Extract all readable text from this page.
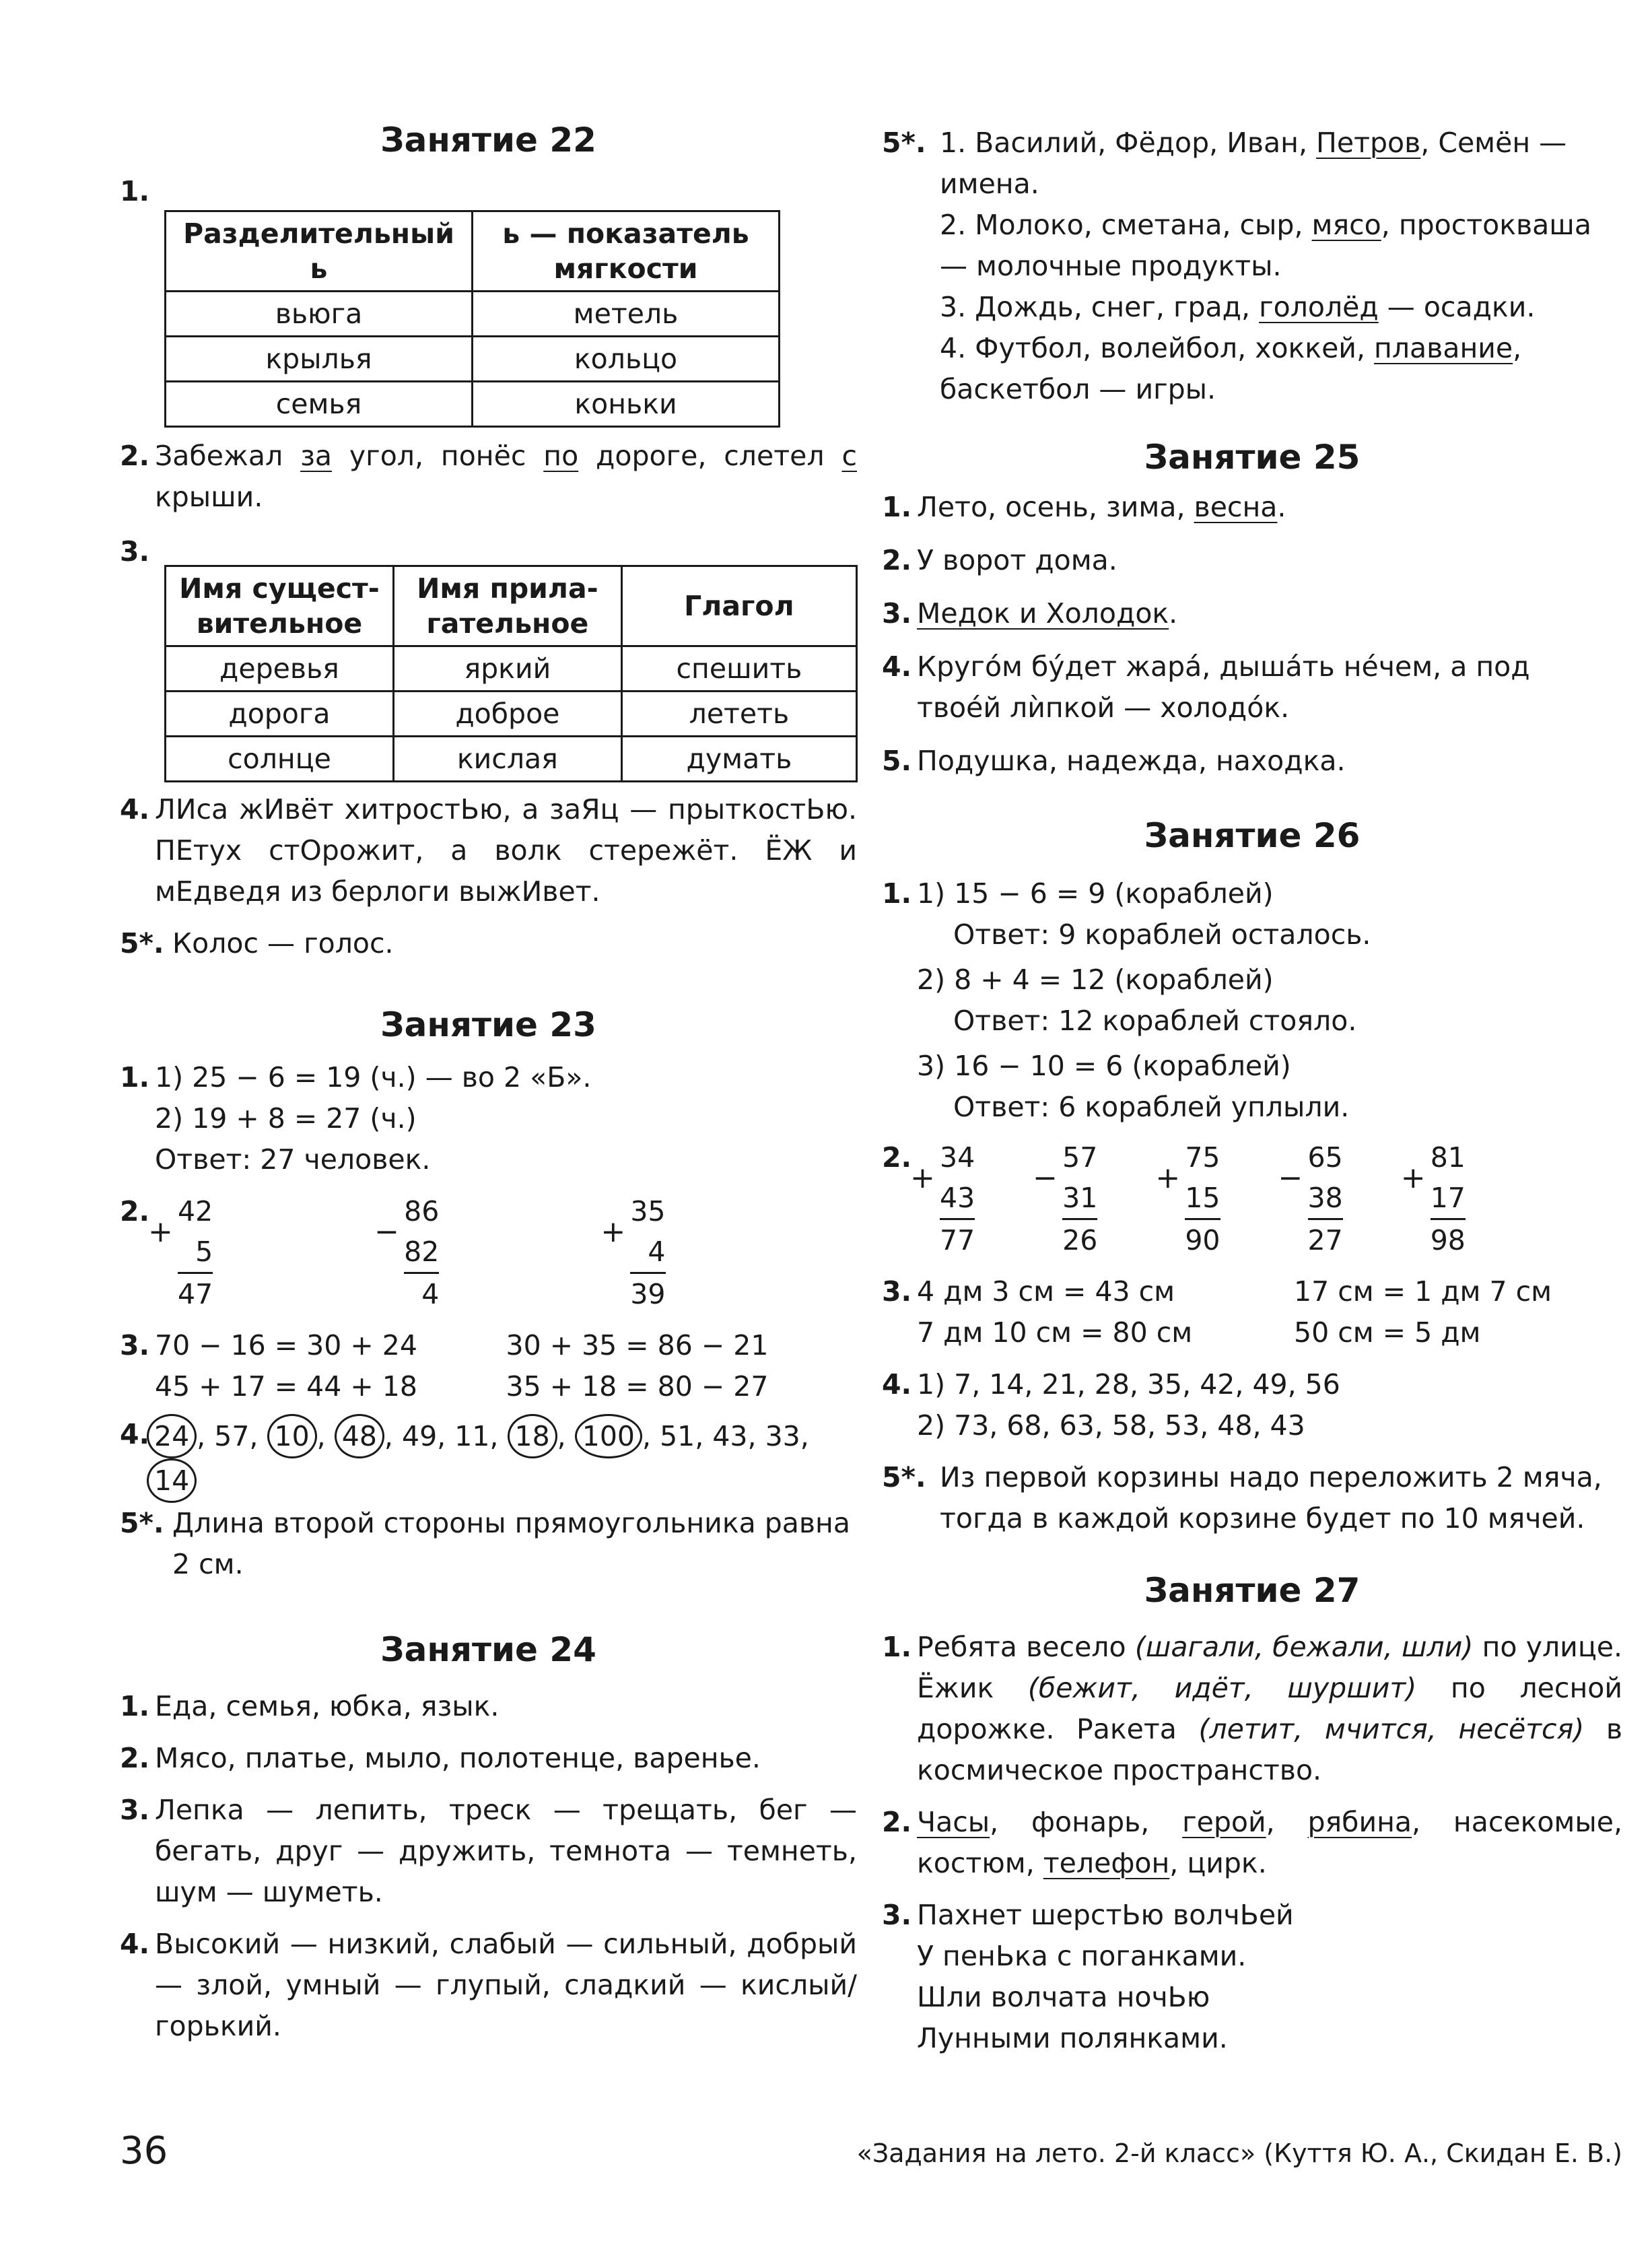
Занятие 22
1.
Разделительный ь	ь — показатель мягкости
вьюга	метель
крылья	кольцо
семья	коньки
2. Забежал за угол, понёс по дороге, слетел с крыши.

3.
Имя сущест-вительное	Имя прила-гательное	Глагол
деревья	яркий	спешить
дорога	доброе	лететь
солнце	кислая	думать
4. ЛИса жИвёт хитростЬю, а заЯц — прыткостЬю. ПЕтух стОрожит, а волк стережёт. ЁЖ и мЕдведя из берлоги выжИвет.

5*. Колос — голос.

Занятие 23
1. 1) 25 − 6 = 19 (ч.) — во 2 «Б».

2) 19 + 8 = 27 (ч.)

Ответ: 27 человек.

2.
+
42
5
47
−
86
82
4
+
35
4
39
3. 70 − 16 = 30 + 24	30 + 35 = 86 − 21
45 + 17 = 44 + 18	35 + 18 = 80 − 27
4. 24 , 57, 10 , 48 , 49, 11, 18 , 100 , 51, 43, 33, 14

5*. Длина второй стороны прямоугольника равна 2 см.

Занятие 24
1. Еда, семья, юбка, язык.

2. Мясо, платье, мыло, полотенце, варенье.

3. Лепка — лепить, треск — трещать, бег — бегать, друг — дружить, темнота — темнеть, шум — шуметь.

4. Высокий — низкий, слабый — сильный, добрый — злой, умный — глупый, сладкий — кислый/горький.

5*. 1. Василий, Фёдор, Иван, Петров, Семён — имена.

2. Молоко, сметана, сыр, мясо, простокваша — молочные продукты.

3. Дождь, снег, град, гололёд — осадки.

4. Футбол, волейбол, хоккей, плавание, баскетбол — игры.

Занятие 25
1. Лето, осень, зима, весна.

2. У ворот дома.

3. Медок и Холодок.

4. Кругóм бýдет жарá, дышáть нéчем, а под твоéй лѝпкой — холодóк.

5. Подушка, надежда, находка.

Занятие 26
1. 1) 15 − 6 = 9 (кораблей)

Ответ: 9 кораблей осталось.

2) 8 + 4 = 12 (кораблей)

Ответ: 12 кораблей стояло.

3) 16 − 10 = 6 (кораблей)

Ответ: 6 кораблей уплыли.

2.
+
34
43
77
−
57
31
26
+
75
15
90
−
65
38
27
+
81
17
98
3. 4 дм 3 см = 43 см	17 см = 1 дм 7 см
7 дм 10 см = 80 см	50 см = 5 дм
4. 1) 7, 14, 21, 28, 35, 42, 49, 56

2) 73, 68, 63, 58, 53, 48, 43

5*. Из первой корзины надо переложить 2 мяча, тогда в каждой корзине будет по 10 мячей.

Занятие 27
1. Ребята весело (шагали, бежали, шли) по улице. Ёжик (бежит, идёт, шуршит) по лесной дорожке. Ракета (летит, мчится, несётся) в космическое пространство.

2. Часы, фонарь, герой, рябина, насекомые, костюм, телефон, цирк.

3. Пахнет шерстЬю волчЬей

У пенЬка с поганками.

Шли волчата ночЬю

Лунными полянками.

36	«Задания на лето. 2-й класс» (Куття Ю. А., Скидан Е. В.)
